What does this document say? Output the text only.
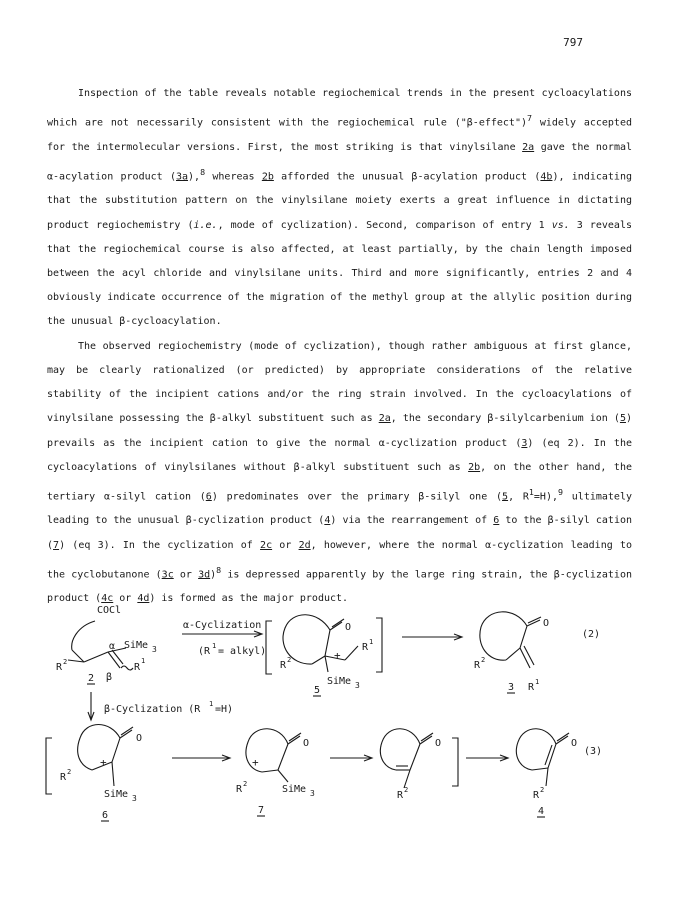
797

Inspection of the table reveals notable regiochemical trends in the present cycloacylations which are not necessarily consistent with the regiochemical rule ("β-effect")$^7$ widely accepted for the intermolecular versions. First, the most striking is that vinylsilane 2a gave the normal α-acylation product (3a),$^8$ whereas 2b afforded the unusual β-acylation product (4b), indicating that the substitution pattern on the vinylsilane moiety exerts a great influence in dictating product regiochemistry (i.e., mode of cyclization). Second, comparison of entry 1 vs. 3 reveals that the regiochemical course is also affected, at least partially, by the chain length imposed between the acyl chloride and vinylsilane units. Third and more significantly, entries 2 and 4 obviously indicate occurrence of the migration of the methyl group at the allylic position during the unusual β-cycloacylation.

The observed regiochemistry (mode of cyclization), though rather ambiguous at first glance, may be clearly rationalized (or predicted) by appropriate considerations of the relative stability of the incipient cations and/or the ring strain involved. In the cycloacylations of vinylsilane possessing the β-alkyl substituent such as 2a, the secondary β-silylcarbenium ion (5) prevails as the incipient cation to give the normal α-cyclization product (3) (eq 2). In the cycloacylations of vinylsilanes without β-alkyl substituent such as 2b, on the other hand, the tertiary α-silyl cation (6) predominates over the primary β-silyl one (5, $R^1=H),^9$ ultimately leading to the unusual β-cyclization product (4) via the rearrangement of 6 to the β-silyl cation (7) (eq 3). In the cyclization of 2c or 2d, however, where the normal α-cyclization leading to the cyclobutanone (3c or 3d)$^8$ is depressed apparently by the large ring strain, the β-cyclization product (4c or 4d) is formed as the major product.

COCl
α SiMe 3
R 2	R
1
β
2
α-Cyclization
(R 1 = alkyl)
O
+
R 1
R 2
SiMe 3
5
O
R 2
R 1
3
(2)
β-Cyclization (R 1 =H)
O
+
R 2
SiMe 3
6
O
+
R 2	SiMe 3
7
O
R 2
O
R 2
4
(3)
